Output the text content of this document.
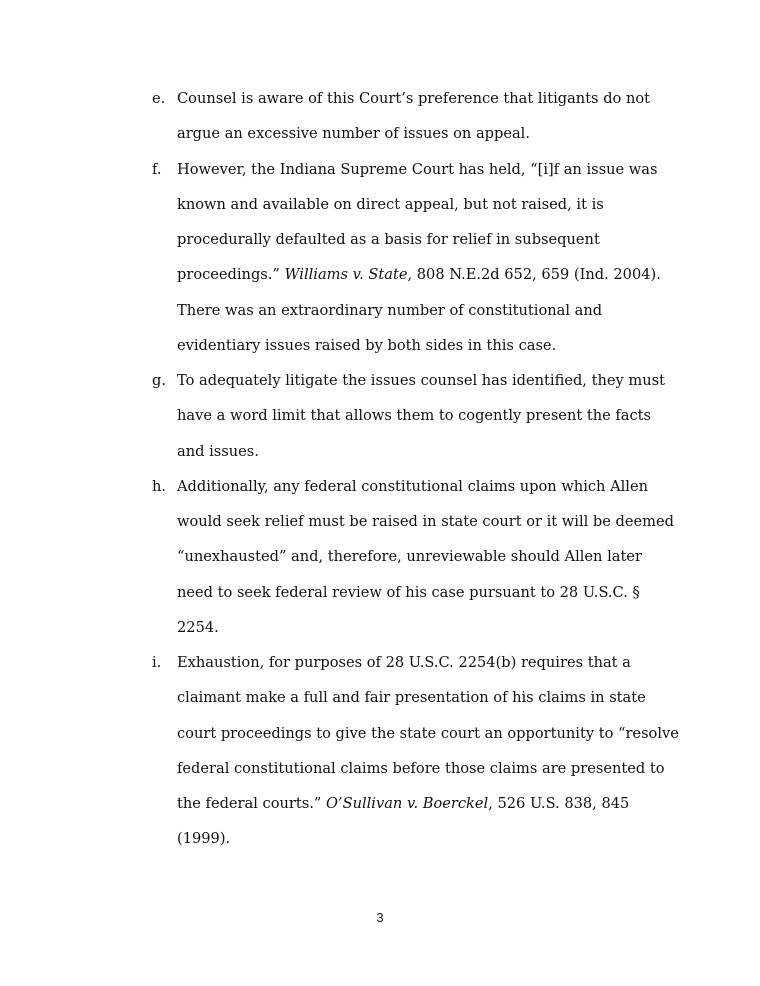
e. Counsel is aware of this Court’s preference that litigants do not
argue an excessive number of issues on appeal.
f. However, the Indiana Supreme Court has held, “[i]f an issue was
known and available on direct appeal, but not raised, it is
procedurally defaulted as a basis for relief in subsequent
proceedings.” Williams v. State, 808 N.E.2d 652, 659 (Ind. 2004).
There was an extraordinary number of constitutional and
evidentiary issues raised by both sides in this case.
g. To adequately litigate the issues counsel has identified, they must
have a word limit that allows them to cogently present the facts
and issues.
h. Additionally, any federal constitutional claims upon which Allen
would seek relief must be raised in state court or it will be deemed
“unexhausted” and, therefore, unreviewable should Allen later
need to seek federal review of his case pursuant to 28 U.S.C. §
2254.
i. Exhaustion, for purposes of 28 U.S.C. 2254(b) requires that a
claimant make a full and fair presentation of his claims in state
court proceedings to give the state court an opportunity to “resolve
federal constitutional claims before those claims are presented to
the federal courts.” O’Sullivan v. Boerckel, 526 U.S. 838, 845
(1999).
3
